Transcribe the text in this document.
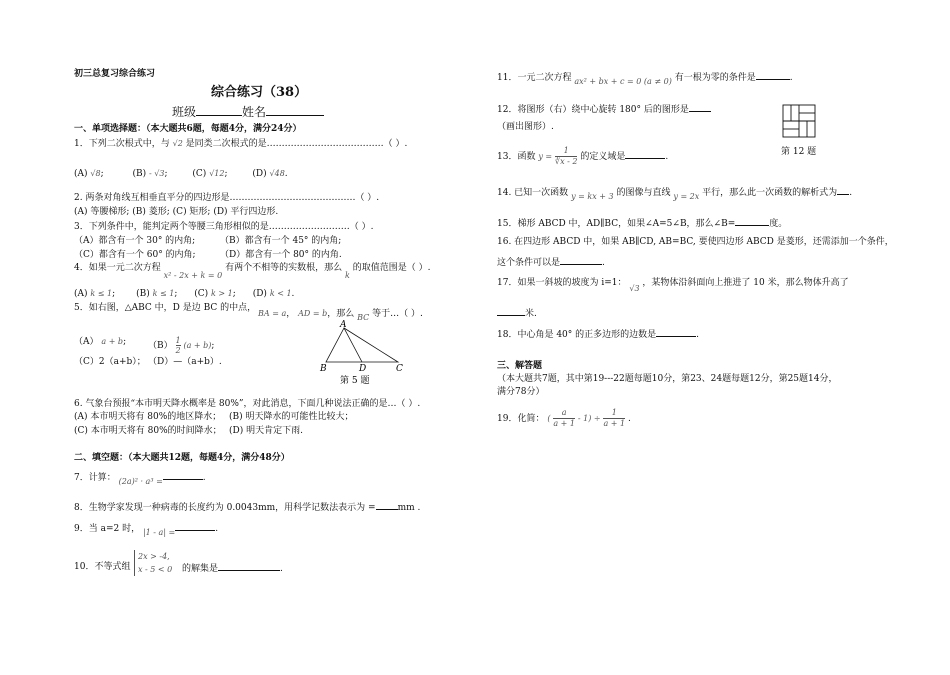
初三总复习综合练习
综合练习（38）
班级	姓名
一、单项选择题：（本大题共6题，每题4分，满分24分）
1．下列二次根式中，与 √2 是同类二次根式的是…………………………………（ ）.
(A) √8;	(B) - √3;	(C) √12;	(D) √48.
2. 两条对角线互相垂直平分的四边形是……………………………………（ ）.
(A) 等腰梯形; (B) 菱形; (C) 矩形; (D) 平行四边形.
3．下列条件中，能判定两个等腰三角形相似的是………………………（ ）.
（A）都含有一个 30° 的内角;	（B）都含有一个 45° 的内角;
（C）都含有一个 60° 的内角;	（D）都含有一个 80° 的内角.
4．如果一元二次方程 x² - 2x + k = 0 有两个不相等的实数根，那么 k 的取值范围是（ ）.
(A) k ≤ 1; (B) k ≤ 1; (C) k > 1; (D) k < 1.
5．如右图，△ABC 中，D 是边 BC 的中点，
BA = a， AD = b，那么 BC 等于…（ ）.
（A） a + b; $(B) \frac{1}{2} (a + b)$;
（C）2（a+b）； （D）—（a+b）.
A
B	D	C
第 5 题
6. 气象台预报“本市明天降水概率是 80%”，对此消息，下面几种说法正确的是…（ ）.
(A) 本市明天将有 80%的地区降水； (B) 明天降水的可能性比较大；
(C) 本市明天将有 80%的时间降水； (D) 明天肯定下雨.
二、填空题：（本大题共12题，每题4分，满分48分）
7．计算： (2a)² · a³ =	.
8．生物学家发现一种病毒的长度约为 0.0043mm，用科学记数法表示为 = mm .
9．当 a=2 时， |1 - a| =	.
10．不等式组
2x > -4,
x - 5 < 0 的解集是	.
11．一元二次方程 ax² + bx + c = 0 (a ≠ 0) 有一根为零的条件是	.
12．将图形（右）绕中心旋转 180° 后的图形是
（画出图形）.
第 12 题
13．函数 $y = \frac{1}{∛x - 2}$ 的定义域是	.
14. 已知一次函数 y = kx + 3 的图像与直线 y = 2x 平行，那么此一次函数的解析式为 .
15．梯形 ABCD 中，AD∥BC，如果∠A=5∠B，那么∠B=	度。
16. 在四边形 ABCD 中，如果 AB∥CD, AB=BC, 要使四边形 ABCD 是菱形，还需添加一个条件，
这个条件可以是	.
17．如果一斜坡的坡度为 i=1： √3 ，某物体沿斜面向上推进了 10 米，那么物体升高了
米.
18．中心角是 40° 的正多边形的边数是	.
三、解答题
（本大题共7题，其中第19---22题每题10分，第23、24题每题12分，第25题14分，
满分78分）
19．化简： ( $\frac{a}{a + 1} - 1) \div \frac{1}{a + 1}$ .
